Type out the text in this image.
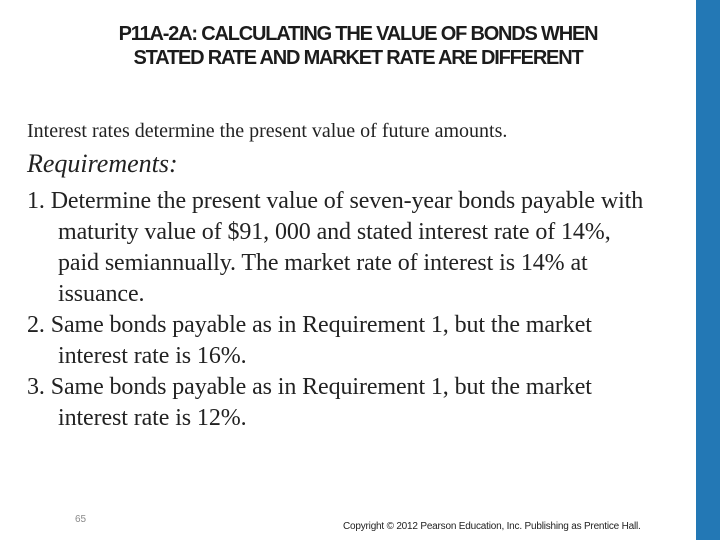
P11A-2A: CALCULATING THE VALUE OF BONDS WHEN
STATED RATE AND MARKET RATE ARE DIFFERENT
Interest rates determine the present value of future amounts.
Requirements:
1. Determine the present value of seven-year bonds payable with maturity value of $91, 000 and stated interest rate of 14%, paid semiannually. The market rate of interest is 14% at issuance.
2. Same bonds payable as in Requirement 1, but the market interest rate is 16%.
3. Same bonds payable as in Requirement 1, but the market interest rate is 12%.
65
Copyright © 2012 Pearson Education, Inc. Publishing as Prentice Hall.
